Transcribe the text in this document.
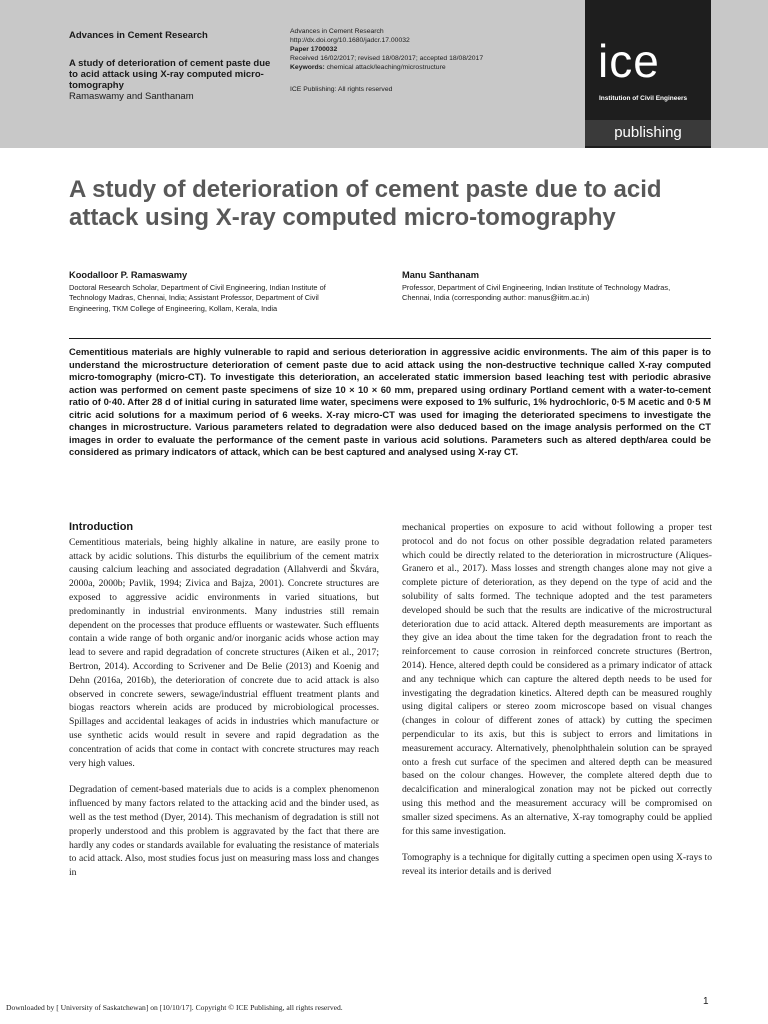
Advances in Cement Research
A study of deterioration of cement paste due to acid attack using X-ray computed micro-tomography
Ramaswamy and Santhanam
Advances in Cement Research
http://dx.doi.org/10.1680/jadcr.17.00032
Paper 1700032
Received 16/02/2017; revised 18/08/2017; accepted 18/08/2017
Keywords: chemical attack/leaching/microstructure
ICE Publishing: All rights reserved
ice
Institution of Civil Engineers
publishing
A study of deterioration of cement paste due to acid attack using X-ray computed micro-tomography
Koodalloor P. Ramaswamy
Doctoral Research Scholar, Department of Civil Engineering, Indian Institute of Technology Madras, Chennai, India; Assistant Professor, Department of Civil Engineering, TKM College of Engineering, Kollam, Kerala, India
Manu Santhanam
Professor, Department of Civil Engineering, Indian Institute of Technology Madras, Chennai, India (corresponding author: manus@iitm.ac.in)
Cementitious materials are highly vulnerable to rapid and serious deterioration in aggressive acidic environments. The aim of this paper is to understand the microstructure deterioration of cement paste due to acid attack using the non-destructive technique called X-ray computed micro-tomography (micro-CT). To investigate this deterioration, an accelerated static immersion based leaching test with periodic abrasive action was performed on cement paste specimens of size 10 × 10 × 60 mm, prepared using ordinary Portland cement with a water-to-cement ratio of 0·40. After 28 d of initial curing in saturated lime water, specimens were exposed to 1% sulfuric, 1% hydrochloric, 0·5 M acetic and 0·5 M citric acid solutions for a maximum period of 6 weeks. X-ray micro-CT was used for imaging the deteriorated specimens to investigate the changes in microstructure. Various parameters related to degradation were also deduced based on the image analysis performed on the CT images in order to evaluate the performance of the cement paste in various acid solutions. Parameters such as altered depth/area could be considered as primary indicators of attack, which can be best captured and analysed using X-ray CT.
Introduction

Cementitious materials, being highly alkaline in nature, are easily prone to attack by acidic solutions. This disturbs the equilibrium of the cement matrix causing calcium leaching and associated degradation (Allahverdi and Škvára, 2000a, 2000b; Pavlik, 1994; Zivica and Bajza, 2001). Concrete structures are exposed to aggressive acidic environments in varied situations, but predominantly in industrial environments. Many industries still remain dependent on the processes that produce effluents or wastewater. Such effluents contain a wide range of both organic and/or inorganic acids whose action may lead to severe and rapid degradation of concrete structures (Aiken et al., 2017; Bertron, 2014). According to Scrivener and De Belie (2013) and Koenig and Dehn (2016a, 2016b), the deterioration of concrete due to acid attack is also observed in concrete sewers, sewage/industrial effluent treatment plants and biogas reactors wherein acids are produced by microbiological processes. Spillages and accidental leakages of acids in industries which manufacture or use synthetic acids would result in severe and rapid degradation as the concentration of acids that come in contact with concrete structures may reach very high values.

Degradation of cement-based materials due to acids is a complex phenomenon influenced by many factors related to the attacking acid and the binder used, as well as the test method (Dyer, 2014). This mechanism of degradation is still not properly understood and this problem is aggravated by the fact that there are hardly any codes or standards available for evaluating the resistance of materials to acid attack. Also, most studies focus just on measuring mass loss and changes in

mechanical properties on exposure to acid without following a proper test protocol and do not focus on other possible degradation related parameters which could be directly related to the deterioration in microstructure (Aliques-Granero et al., 2017). Mass losses and strength changes alone may not give a complete picture of deterioration, as they depend on the type of acid and the solubility of salts formed. The technique adopted and the test parameters developed should be such that the results are indicative of the microstructural deterioration due to acid attack. Altered depth measurements are important as they give an idea about the time taken for the degradation front to reach the reinforcement to cause corrosion in reinforced concrete structures (Bertron, 2014). Hence, altered depth could be considered as a primary indicator of attack and any technique which can capture the altered depth needs to be used for investigating the degradation kinetics. Altered depth can be measured roughly using digital calipers or stereo zoom microscope based on visual changes (changes in colour of different zones of attack) by cutting the specimen perpendicular to its axis, but this is subject to errors and limitations in measurement accuracy. Alternatively, phenolphthalein solution can be sprayed onto a fresh cut surface of the specimen and altered depth can be measured based on the colour changes. However, the complete altered depth due to decalcification and mineralogical zonation may not be picked out correctly using this method and the measurement accuracy will be compromised on smaller sized specimens. As an alternative, X-ray tomography could be applied for this same investigation.

Tomography is a technique for digitally cutting a specimen open using X-rays to reveal its interior details and is derived

Downloaded by [ University of Saskatchewan] on [10/10/17]. Copyright © ICE Publishing, all rights reserved.
1
